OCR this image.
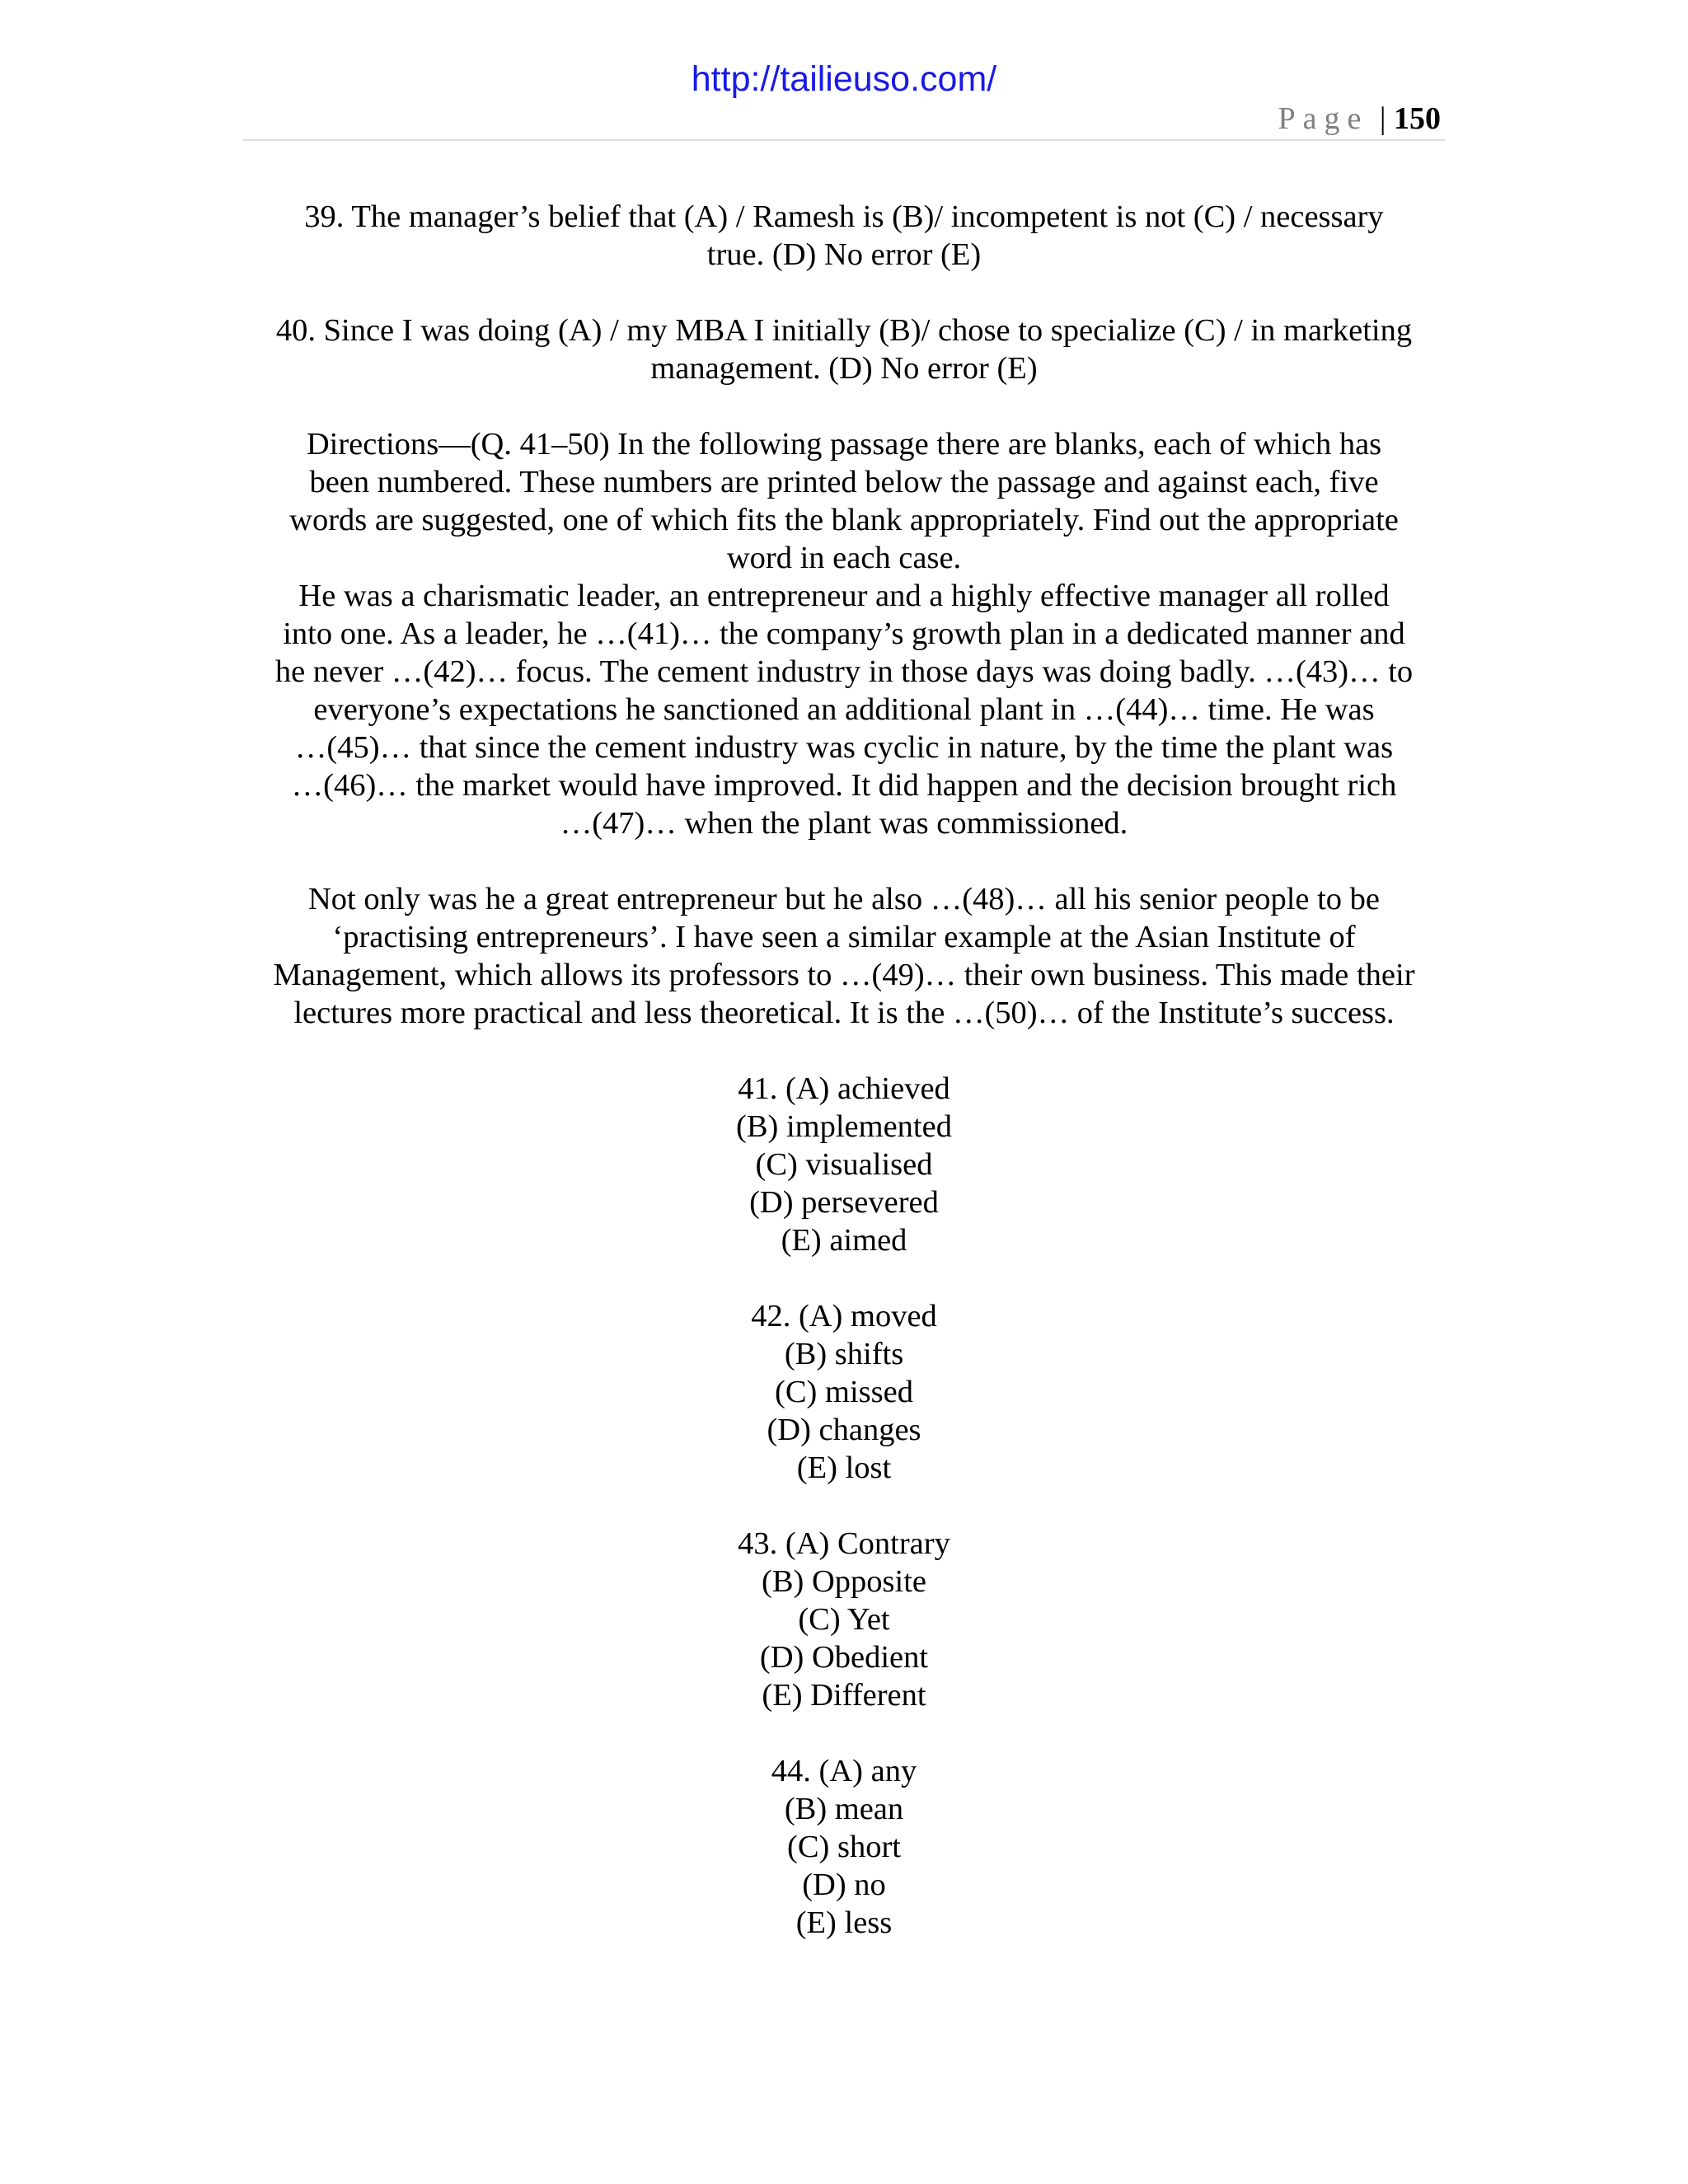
http://tailieuso.com/
Page | 150

39. The manager’s belief that (A) / Ramesh is (B)/ incompetent is not (C) / necessary
true. (D) No error (E)

40. Since I was doing (A) / my MBA I initially (B)/ chose to specialize (C) / in marketing
management. (D) No error (E)

Directions—(Q. 41–50) In the following passage there are blanks, each of which has
been numbered. These numbers are printed below the passage and against each, five
words are suggested, one of which fits the blank appropriately. Find out the appropriate
word in each case.
He was a charismatic leader, an entrepreneur and a highly effective manager all rolled
into one. As a leader, he …(41)… the company’s growth plan in a dedicated manner and
he never …(42)… focus. The cement industry in those days was doing badly. …(43)… to
everyone’s expectations he sanctioned an additional plant in …(44)… time. He was
…(45)… that since the cement industry was cyclic in nature, by the time the plant was
…(46)… the market would have improved. It did happen and the decision brought rich
…(47)… when the plant was commissioned.

Not only was he a great entrepreneur but he also …(48)… all his senior people to be
‘practising entrepreneurs’. I have seen a similar example at the Asian Institute of
Management, which allows its professors to …(49)… their own business. This made their
lectures more practical and less theoretical. It is the …(50)… of the Institute’s success.

41. (A) achieved
(B) implemented
(C) visualised
(D) persevered
(E) aimed
42. (A) moved
(B) shifts
(C) missed
(D) changes
(E) lost
43. (A) Contrary
(B) Opposite
(C) Yet
(D) Obedient
(E) Different
44. (A) any
(B) mean
(C) short
(D) no
(E) less
